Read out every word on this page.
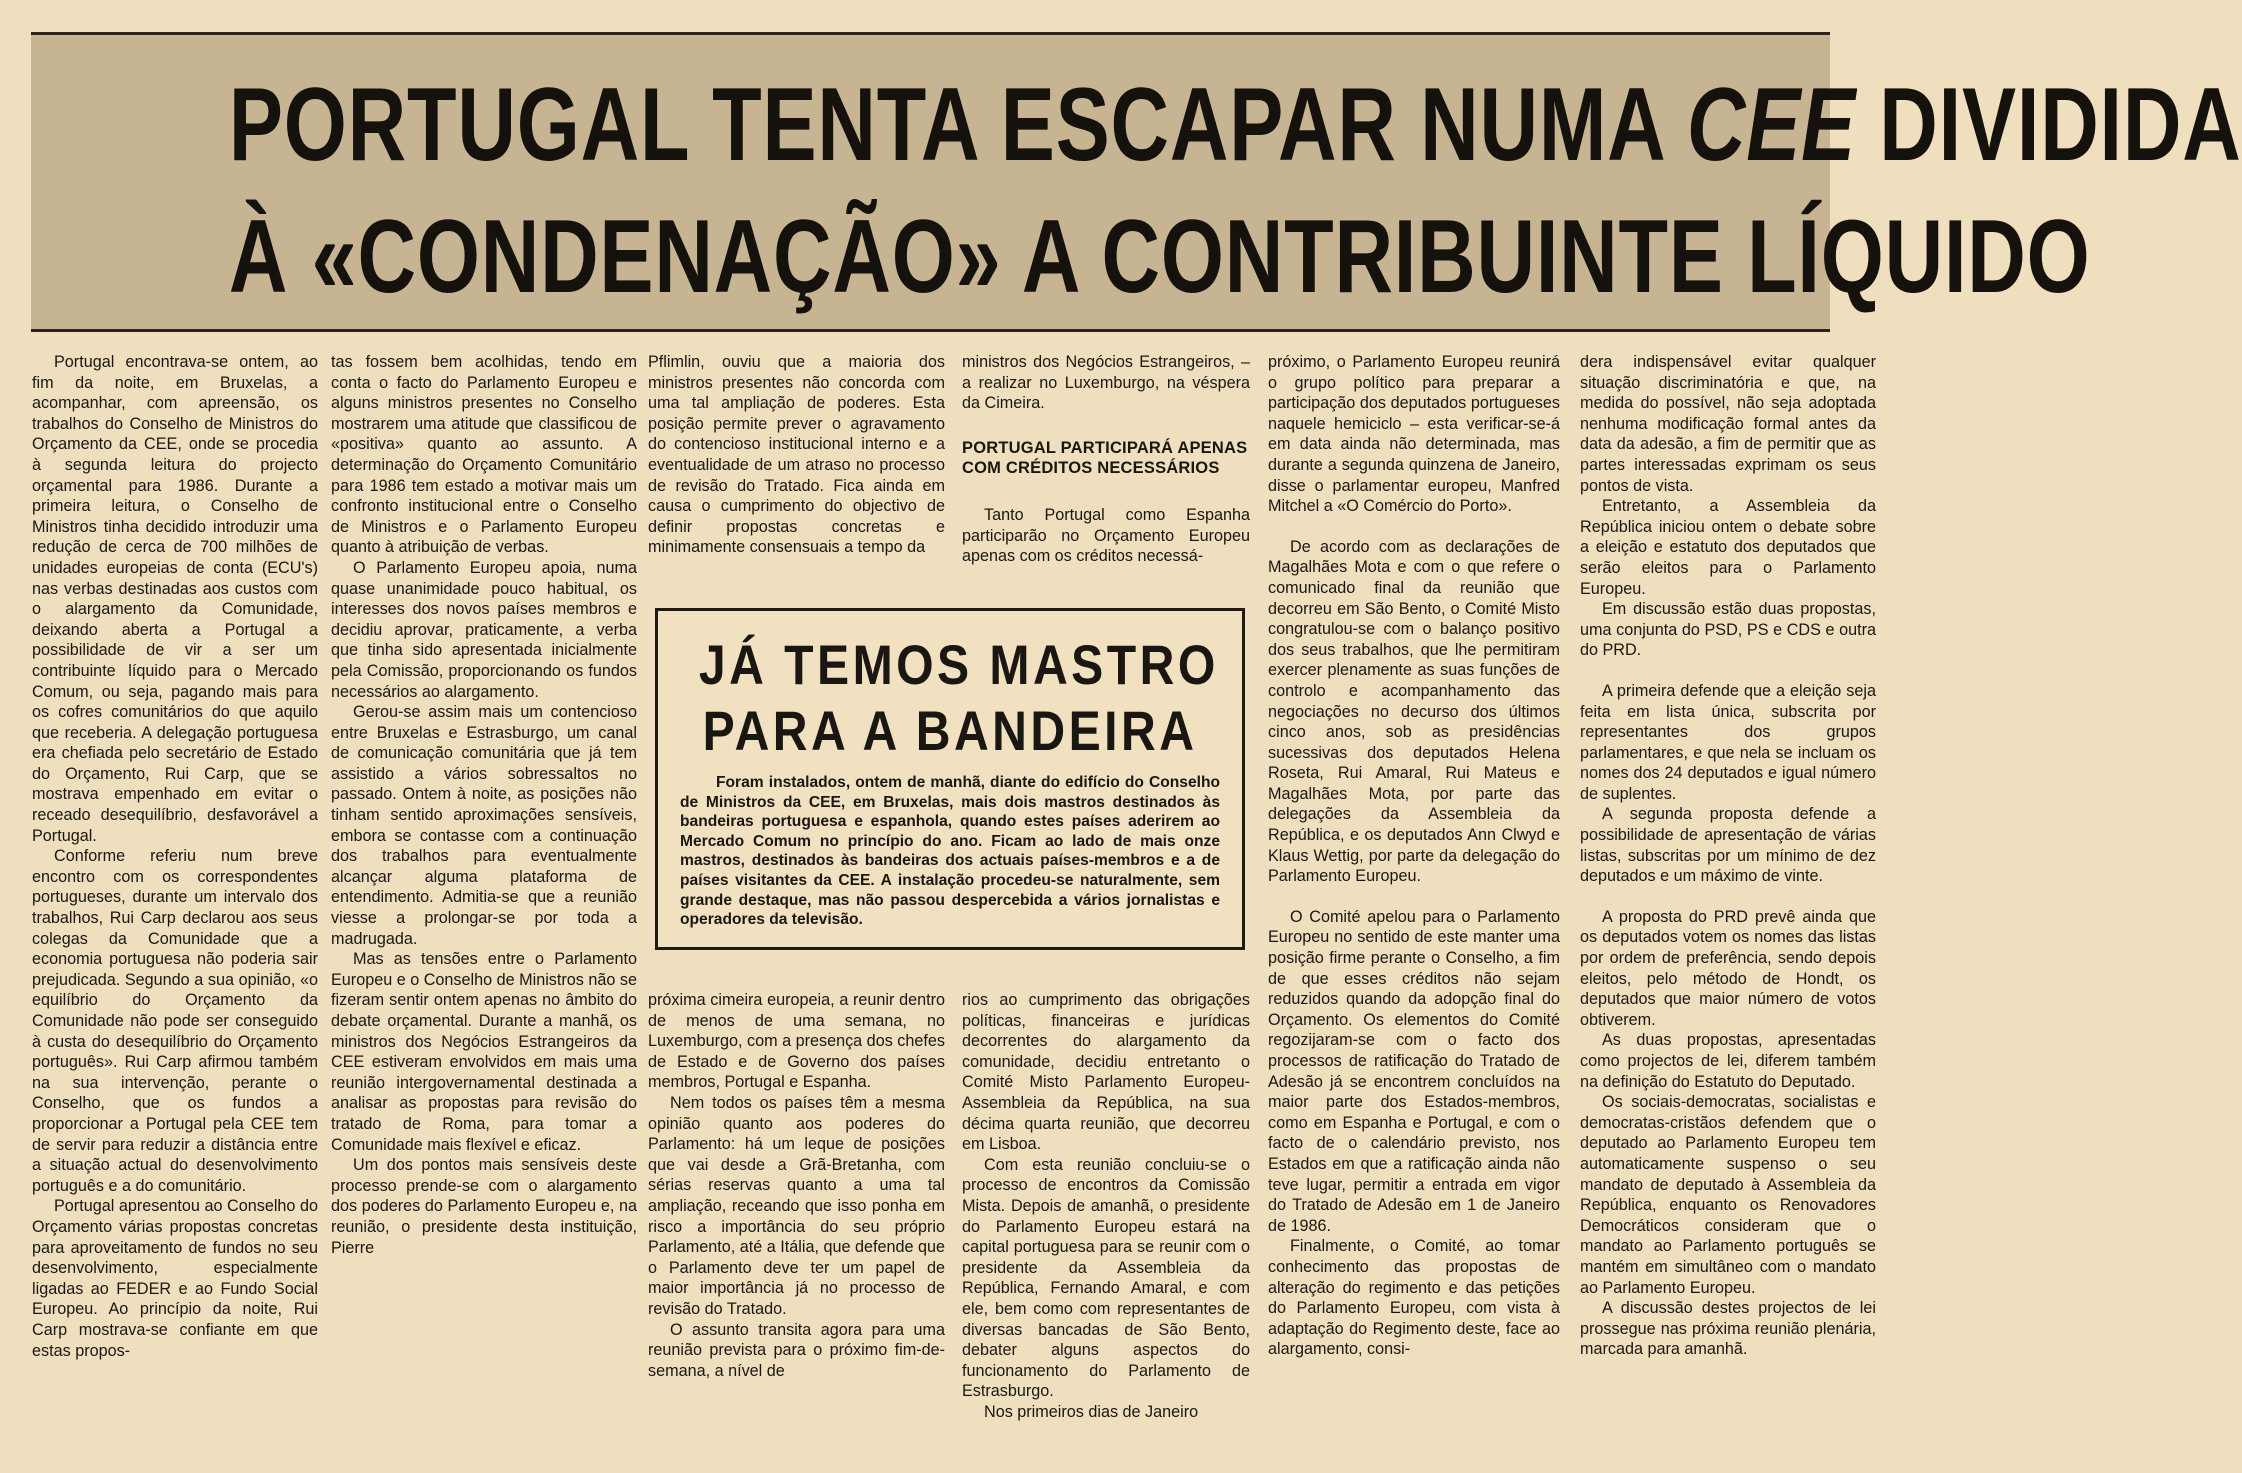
PORTUGAL TENTA ESCAPAR NUMA CEE DIVIDIDA
À «CONDENAÇÃO» A CONTRIBUINTE LÍQUIDO

Portugal encontrava-se ontem, ao fim da noite, em Bruxelas, a acompanhar, com apreensão, os trabalhos do Conselho de Ministros do Orçamento da CEE, onde se procedia à segunda leitura do projecto orçamental para 1986. Durante a primeira leitura, o Conselho de Ministros tinha decidido introduzir uma redução de cerca de 700 milhões de unidades europeias de conta (ECU's) nas verbas destinadas aos custos com o alargamento da Comunidade, deixando aberta a Portugal a possibilidade de vir a ser um contribuinte líquido para o Mercado Comum, ou seja, pagando mais para os cofres comunitários do que aquilo que receberia. A delegação portuguesa era chefiada pelo secretário de Estado do Orçamento, Rui Carp, que se mostrava empenhado em evitar o receado desequilíbrio, desfavorável a Portugal.

Conforme referiu num breve encontro com os correspondentes portugueses, durante um intervalo dos trabalhos, Rui Carp declarou aos seus colegas da Comunidade que a economia portuguesa não poderia sair prejudicada. Segundo a sua opinião, «o equilíbrio do Orçamento da Comunidade não pode ser conseguido à custa do desequilíbrio do Orçamento português». Rui Carp afirmou também na sua intervenção, perante o Conselho, que os fundos a proporcionar a Portugal pela CEE tem de servir para reduzir a distância entre a situação actual do desenvolvimento português e a do comunitário.

Portugal apresentou ao Conselho do Orçamento várias propostas concretas para aproveitamento de fundos no seu desenvolvimento, especialmente ligadas ao FEDER e ao Fundo Social Europeu. Ao princípio da noite, Rui Carp mostrava-se confiante em que estas propos-

tas fossem bem acolhidas, tendo em conta o facto do Parlamento Europeu e alguns ministros presentes no Conselho mostrarem uma atitude que classificou de «positiva» quanto ao assunto. A determinação do Orçamento Comunitário para 1986 tem estado a motivar mais um confronto institucional entre o Conselho de Ministros e o Parlamento Europeu quanto à atribuição de verbas.

O Parlamento Europeu apoia, numa quase unanimidade pouco habitual, os interesses dos novos países membros e decidiu aprovar, praticamente, a verba que tinha sido apresentada inicialmente pela Comissão, proporcionando os fundos necessários ao alargamento.

Gerou-se assim mais um contencioso entre Bruxelas e Estrasburgo, um canal de comunicação comunitária que já tem assistido a vários sobressaltos no passado. Ontem à noite, as posições não tinham sentido aproximações sensíveis, embora se contasse com a continuação dos trabalhos para eventualmente alcançar alguma plataforma de entendimento. Admitia-se que a reunião viesse a prolongar-se por toda a madrugada.

Mas as tensões entre o Parlamento Europeu e o Conselho de Ministros não se fizeram sentir ontem apenas no âmbito do debate orçamental. Durante a manhã, os ministros dos Negócios Estrangeiros da CEE estiveram envolvidos em mais uma reunião intergovernamental destinada a analisar as propostas para revisão do tratado de Roma, para tomar a Comunidade mais flexível e eficaz.

Um dos pontos mais sensíveis deste processo prende-se com o alargamento dos poderes do Parlamento Europeu e, na reunião, o presidente desta instituição, Pierre

Pflimlin, ouviu que a maioria dos ministros presentes não concorda com uma tal ampliação de poderes. Esta posição permite prever o agravamento do contencioso institucional interno e a eventualidade de um atraso no processo de revisão do Tratado. Fica ainda em causa o cumprimento do objectivo de definir propostas concretas e minimamente consensuais a tempo da

ministros dos Negócios Estrangeiros, – a realizar no Luxemburgo, na véspera da Cimeira.

PORTUGAL PARTICIPARÁ APENAS COM CRÉDITOS NECESSÁRIOS

Tanto Portugal como Espanha participarão no Orçamento Europeu apenas com os créditos necessá-

JÁ TEMOS MASTRO
PARA A BANDEIRA

Foram instalados, ontem de manhã, diante do edifício do Conselho de Ministros da CEE, em Bruxelas, mais dois mastros destinados às bandeiras portuguesa e espanhola, quando estes países aderirem ao Mercado Comum no princípio do ano. Ficam ao lado de mais onze mastros, destinados às bandeiras dos actuais países-membros e a de países visitantes da CEE. A instalação procedeu-se naturalmente, sem grande destaque, mas não passou despercebida a vários jornalistas e operadores da televisão.

próxima cimeira europeia, a reunir dentro de menos de uma semana, no Luxemburgo, com a presença dos chefes de Estado e de Governo dos países membros, Portugal e Espanha.

Nem todos os países têm a mesma opinião quanto aos poderes do Parlamento: há um leque de posições que vai desde a Grã-Bretanha, com sérias reservas quanto a uma tal ampliação, receando que isso ponha em risco a importância do seu próprio Parlamento, até a Itália, que defende que o Parlamento deve ter um papel de maior importância já no processo de revisão do Tratado.

O assunto transita agora para uma reunião prevista para o próximo fim-de-semana, a nível de

rios ao cumprimento das obrigações políticas, financeiras e jurídicas decorrentes do alargamento da comunidade, decidiu entretanto o Comité Misto Parlamento Europeu-Assembleia da República, na sua décima quarta reunião, que decorreu em Lisboa.

Com esta reunião concluiu-se o processo de encontros da Comissão Mista. Depois de amanhã, o presidente do Parlamento Europeu estará na capital portuguesa para se reunir com o presidente da Assembleia da República, Fernando Amaral, e com ele, bem como com representantes de diversas bancadas de São Bento, debater alguns aspectos do funcionamento do Parlamento de Estrasburgo.

Nos primeiros dias de Janeiro

próximo, o Parlamento Europeu reunirá o grupo político para preparar a participação dos deputados portugueses naquele hemiciclo – esta verificar-se-á em data ainda não determinada, mas durante a segunda quinzena de Janeiro, disse o parlamentar europeu, Manfred Mitchel a «O Comércio do Porto».

De acordo com as declarações de Magalhães Mota e com o que refere o comunicado final da reunião que decorreu em São Bento, o Comité Misto congratulou-se com o balanço positivo dos seus trabalhos, que lhe permitiram exercer plenamente as suas funções de controlo e acompanhamento das negociações no decurso dos últimos cinco anos, sob as presidências sucessivas dos deputados Helena Roseta, Rui Amaral, Rui Mateus e Magalhães Mota, por parte das delegações da Assembleia da República, e os deputados Ann Clwyd e Klaus Wettig, por parte da delegação do Parlamento Europeu.

O Comité apelou para o Parlamento Europeu no sentido de este manter uma posição firme perante o Conselho, a fim de que esses créditos não sejam reduzidos quando da adopção final do Orçamento. Os elementos do Comité regozijaram-se com o facto dos processos de ratificação do Tratado de Adesão já se encontrem concluídos na maior parte dos Estados-membros, como em Espanha e Portugal, e com o facto de o calendário previsto, nos Estados em que a ratificação ainda não teve lugar, permitir a entrada em vigor do Tratado de Adesão em 1 de Janeiro de 1986.

Finalmente, o Comité, ao tomar conhecimento das propostas de alteração do regimento e das petições do Parlamento Europeu, com vista à adaptação do Regimento deste, face ao alargamento, consi-

dera indispensável evitar qualquer situação discriminatória e que, na medida do possível, não seja adoptada nenhuma modificação formal antes da data da adesão, a fim de permitir que as partes interessadas exprimam os seus pontos de vista.

Entretanto, a Assembleia da República iniciou ontem o debate sobre a eleição e estatuto dos deputados que serão eleitos para o Parlamento Europeu.

Em discussão estão duas propostas, uma conjunta do PSD, PS e CDS e outra do PRD.

A primeira defende que a eleição seja feita em lista única, subscrita por representantes dos grupos parlamentares, e que nela se incluam os nomes dos 24 deputados e igual número de suplentes.

A segunda proposta defende a possibilidade de apresentação de várias listas, subscritas por um mínimo de dez deputados e um máximo de vinte.

A proposta do PRD prevê ainda que os deputados votem os nomes das listas por ordem de preferência, sendo depois eleitos, pelo método de Hondt, os deputados que maior número de votos obtiverem.

As duas propostas, apresentadas como projectos de lei, diferem também na definição do Estatuto do Deputado.

Os sociais-democratas, socialistas e democratas-cristãos defendem que o deputado ao Parlamento Europeu tem automaticamente suspenso o seu mandato de deputado à Assembleia da República, enquanto os Renovadores Democráticos consideram que o mandato ao Parlamento português se mantém em simultâneo com o mandato ao Parlamento Europeu.

A discussão destes projectos de lei prossegue nas próxima reunião plenária, marcada para amanhã.
